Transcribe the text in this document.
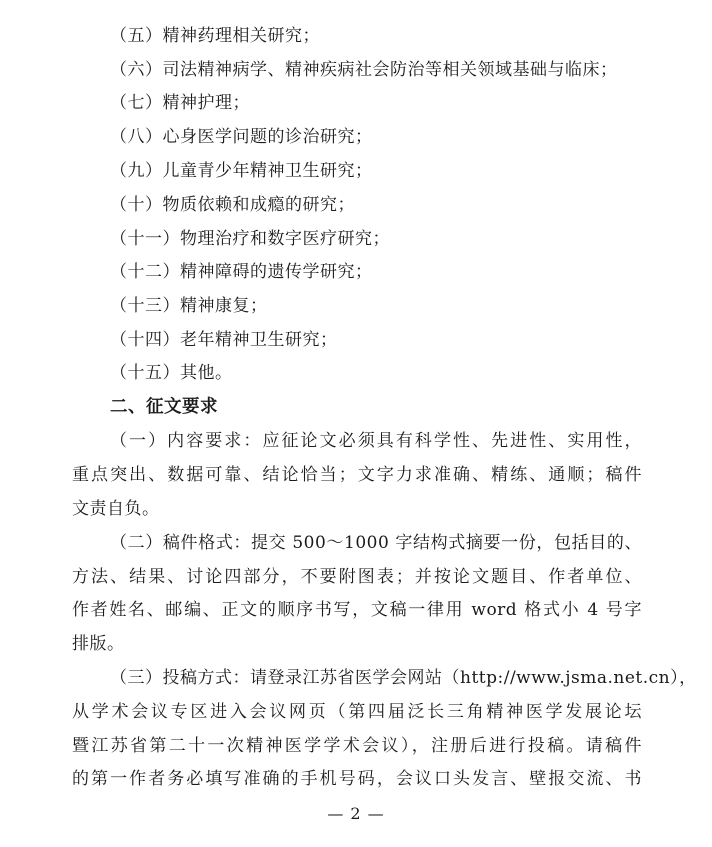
（五）精神药理相关研究；
（六）司法精神病学、精神疾病社会防治等相关领域基础与临床；
（七）精神护理；
（八）心身医学问题的诊治研究；
（九）儿童青少年精神卫生研究；
（十）物质依赖和成瘾的研究；
（十一）物理治疗和数字医疗研究；
（十二）精神障碍的遗传学研究；
（十三）精神康复；
（十四）老年精神卫生研究；
（十五）其他。
二、征文要求
（一）内容要求：应征论文必须具有科学性、先进性、实用性，
重点突出、数据可靠、结论恰当；文字力求准确、精练、通顺；稿件
文责自负。
（二）稿件格式：提交 500～1000 字结构式摘要一份，包括目的、
方法、结果、讨论四部分，不要附图表；并按论文题目、作者单位、
作者姓名、邮编、正文的顺序书写，文稿一律用 word 格式小 4 号字
排版。
（三）投稿方式：请登录江苏省医学会网站（http://www.jsma.net.cn），
从学术会议专区进入会议网页（第四届泛长三角精神医学发展论坛
暨江苏省第二十一次精神医学学术会议），注册后进行投稿。请稿件
的第一作者务必填写准确的手机号码，会议口头发言、壁报交流、书
— 2 —
